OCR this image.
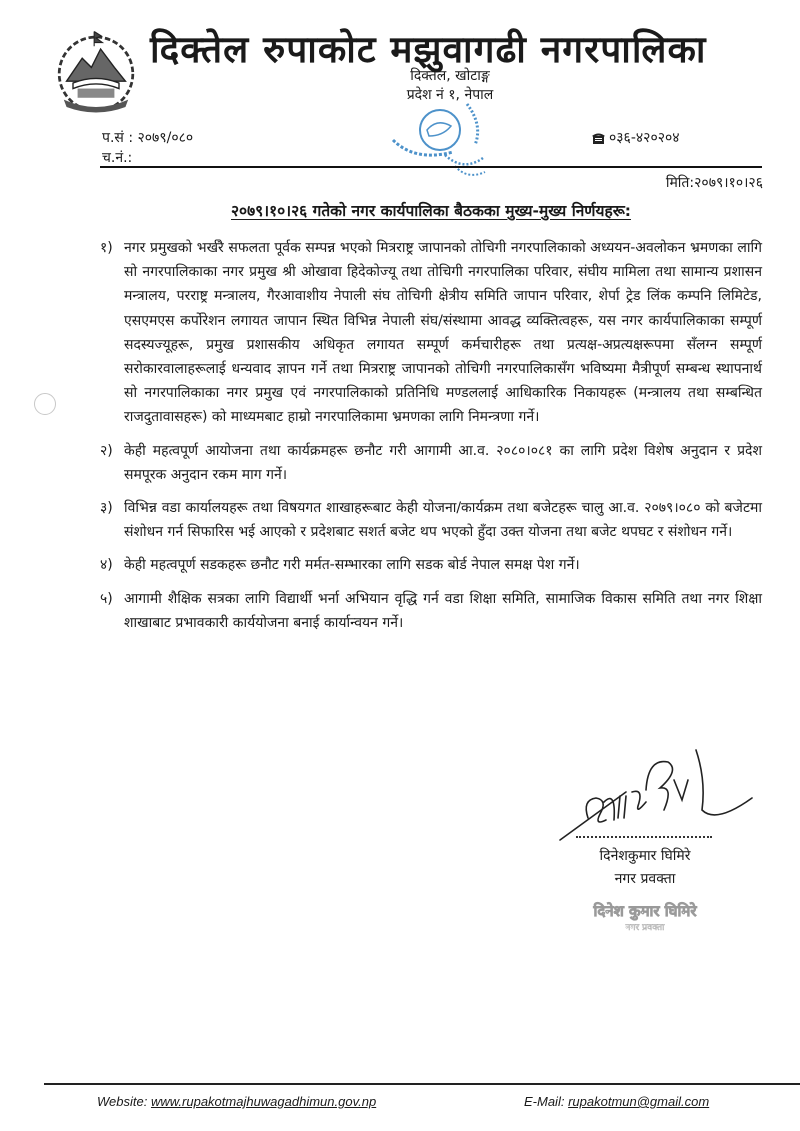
दिक्तेल रुपाकोट मझुवागढी नगरपालिका
दिक्तेल, खोटाङ्ग
प्रदेश नं १, नेपाल
प.सं : २०७९/०८०
च.नं.:
०३६-४२०२०४
मिति:२०७९।१०।२६
२०७९।१०।२६ गतेको नगर कार्यपालिका बैठकका मुख्य-मुख्य निर्णयहरू:
१) नगर प्रमुखको भर्खरै सफलता पूर्वक सम्पन्न भएको मित्रराष्ट्र जापानको तोचिगी नगरपालिकाको अध्ययन-अवलोकन भ्रमणका लागि सो नगरपालिकाका नगर प्रमुख श्री ओखावा हिदेकोज्यू तथा तोचिगी नगरपालिका परिवार, संघीय मामिला तथा सामान्य प्रशासन मन्त्रालय, परराष्ट्र मन्त्रालय, गैरआवाशीय नेपाली संघ तोचिगी क्षेत्रीय समिति जापान परिवार, शेर्पा ट्रेड लिंक कम्पनि लिमिटेड, एसएमएस कर्पोरेशन लगायत जापान स्थित विभिन्न नेपाली संघ/संस्थामा आवद्ध व्यक्तित्वहरू, यस नगर कार्यपालिकाका सम्पूर्ण सदस्यज्यूहरू, प्रमुख प्रशासकीय अधिकृत लगायत सम्पूर्ण कर्मचारीहरू तथा प्रत्यक्ष-अप्रत्यक्षरूपमा सँलग्न सम्पूर्ण सरोकारवालाहरूलाई धन्यवाद ज्ञापन गर्ने तथा मित्रराष्ट्र जापानको तोचिगी नगरपालिकासँग भविष्यमा मैत्रीपूर्ण सम्बन्ध स्थापनार्थ सो नगरपालिकाका नगर प्रमुख एवं नगरपालिकाको प्रतिनिधि मण्डललाई आधिकारिक निकायहरू (मन्त्रालय तथा सम्बन्धित राजदुतावासहरू) को माध्यमबाट हाम्रो नगरपालिकामा भ्रमणका लागि निमन्त्रणा गर्ने।
२) केही महत्वपूर्ण आयोजना तथा कार्यक्रमहरू छनौट गरी आगामी आ.व. २०८०।०८१ का लागि प्रदेश विशेष अनुदान र प्रदेश समपूरक अनुदान रकम माग गर्ने।
३) विभिन्न वडा कार्यालयहरू तथा विषयगत शाखाहरूबाट केही योजना/कार्यक्रम तथा बजेटहरू चालु आ.व. २०७९।०८० को बजेटमा संशोधन गर्न सिफारिस भई आएको र प्रदेशबाट सशर्त बजेट थप भएको हुँदा उक्त योजना तथा बजेट थपघट र संशोधन गर्ने।
४) केही महत्वपूर्ण सडकहरू छनौट गरी मर्मत-सम्भारका लागि सडक बोर्ड नेपाल समक्ष पेश गर्ने।
५) आगामी शैक्षिक सत्रका लागि विद्यार्थी भर्ना अभियान वृद्धि गर्न वडा शिक्षा समिति, सामाजिक विकास समिति तथा नगर शिक्षा शाखाबाट प्रभावकारी कार्ययोजना बनाई कार्यान्वयन गर्ने।
दिनेशकुमार घिमिरे
नगर प्रवक्ता
दिनेश कुमार घिमिरे
नगर प्रवक्ता
Website: www.rupakotmajhuwagadhimun.gov.np	E-Mail: rupakotmun@gmail.com
